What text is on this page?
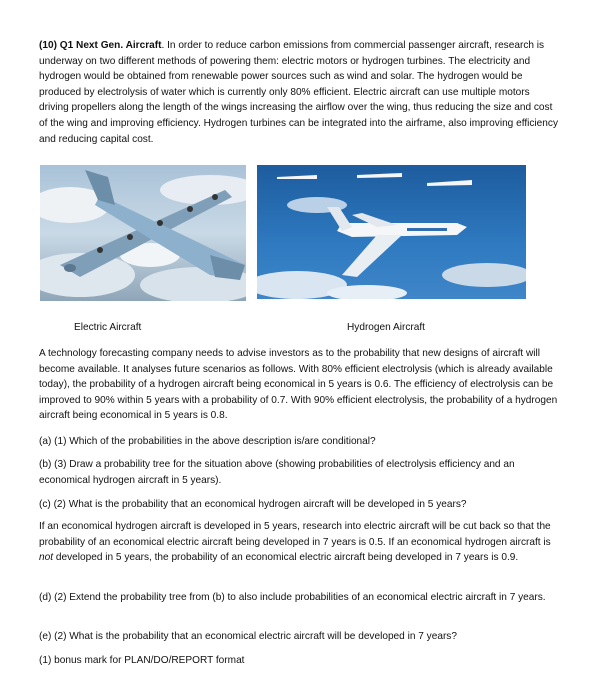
(10) Q1 Next Gen. Aircraft. In order to reduce carbon emissions from commercial passenger aircraft, research is underway on two different methods of powering them: electric motors or hydrogen turbines. The electricity and hydrogen would be obtained from renewable power sources such as wind and solar. The hydrogen would be produced by electrolysis of water which is currently only 80% efficient. Electric aircraft can use multiple motors driving propellers along the length of the wings increasing the airflow over the wing, thus reducing the size and cost of the wing and improving efficiency. Hydrogen turbines can be integrated into the airframe, also improving efficiency and reducing capital cost.

Electric Aircraft	Hydrogen Aircraft

A technology forecasting company needs to advise investors as to the probability that new designs of aircraft will become available. It analyses future scenarios as follows. With 80% efficient electrolysis (which is already available today), the probability of a hydrogen aircraft being economical in 5 years is 0.6. The efficiency of electrolysis can be improved to 90% within 5 years with a probability of 0.7. With 90% efficient electrolysis, the probability of a hydrogen aircraft being economical in 5 years is 0.8.

(a) (1) Which of the probabilities in the above description is/are conditional?

(b) (3) Draw a probability tree for the situation above (showing probabilities of electrolysis efficiency and an economical hydrogen aircraft in 5 years).

(c) (2) What is the probability that an economical hydrogen aircraft will be developed in 5 years?

If an economical hydrogen aircraft is developed in 5 years, research into electric aircraft will be cut back so that the probability of an economical electric aircraft being developed in 7 years is 0.5. If an economical hydrogen aircraft is not developed in 5 years, the probability of an economical electric aircraft being developed in 7 years is 0.9.

(d) (2) Extend the probability tree from (b) to also include probabilities of an economical electric aircraft in 7 years.

(e) (2) What is the probability that an economical electric aircraft will be developed in 7 years?

(1) bonus mark for PLAN/DO/REPORT format
